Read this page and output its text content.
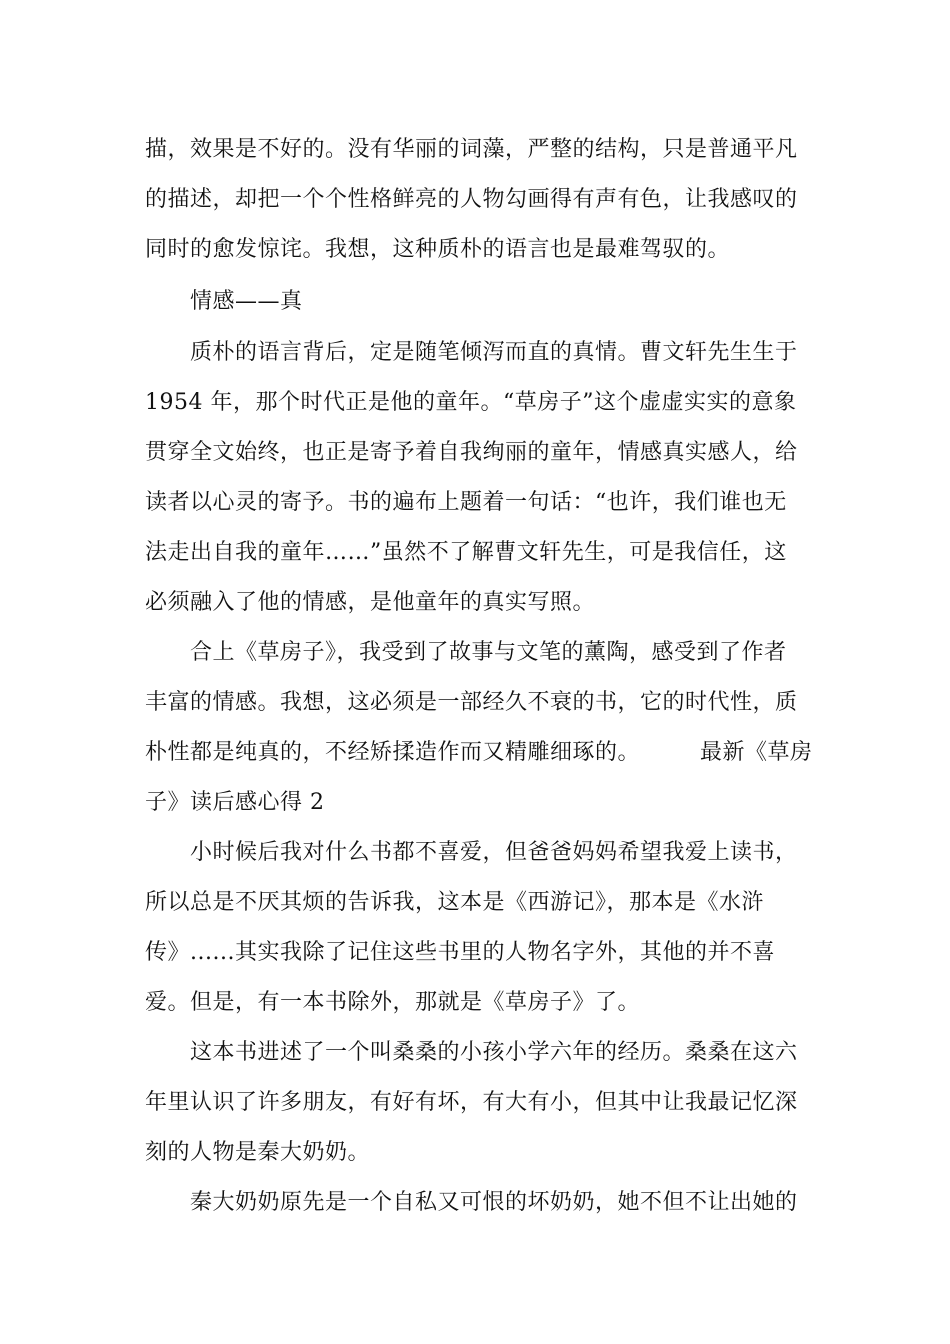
描，效果是不好的。没有华丽的词藻，严整的结构，只是普通平凡
的描述，却把一个个性格鲜亮的人物勾画得有声有色，让我感叹的
同时的愈发惊诧。我想，这种质朴的语言也是最难驾驭的。
情感——真
质朴的语言背后，定是随笔倾泻而直的真情。曹文轩先生生于
1954 年，那个时代正是他的童年。“草房子”这个虚虚实实的意象
贯穿全文始终，也正是寄予着自我绚丽的童年，情感真实感人，给
读者以心灵的寄予。书的遍布上题着一句话：“也许，我们谁也无
法走出自我的童年……”虽然不了解曹文轩先生，可是我信任，这
必须融入了他的情感，是他童年的真实写照。
合上《草房子》，我受到了故事与文笔的薰陶，感受到了作者
丰富的情感。我想，这必须是一部经久不衰的书，它的时代性，质
朴性都是纯真的，不经矫揉造作而又精雕细琢的。        最新《草房
子》读后感心得 2
小时候后我对什么书都不喜爱，但爸爸妈妈希望我爱上读书，
所以总是不厌其烦的告诉我，这本是《西游记》，那本是《水浒
传》......其实我除了记住这些书里的人物名字外，其他的并不喜
爱。但是，有一本书除外，那就是《草房子》了。
这本书进述了一个叫桑桑的小孩小学六年的经历。桑桑在这六
年里认识了许多朋友，有好有坏，有大有小，但其中让我最记忆深
刻的人物是秦大奶奶。
秦大奶奶原先是一个自私又可恨的坏奶奶，她不但不让出她的
